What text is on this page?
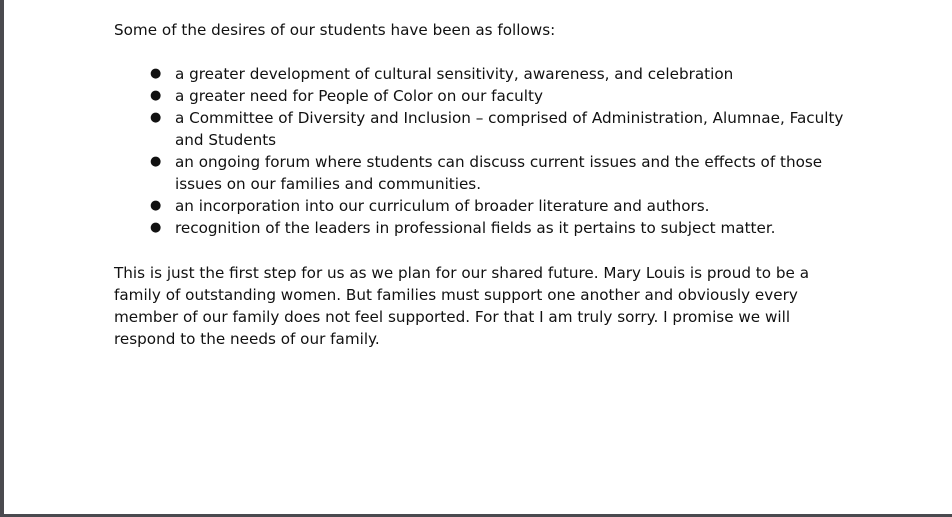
Some of the desires of our students have been as follows:

● a greater development of cultural sensitivity, awareness, and celebration
● a greater need for People of Color on our faculty
● a Committee of Diversity and Inclusion – comprised of Administration, Alumnae, Faculty and Students
● an ongoing forum where students can discuss current issues and the effects of those issues on our families and communities.
● an incorporation into our curriculum of broader literature and authors.
● recognition of the leaders in professional fields as it pertains to subject matter.

This is just the first step for us as we plan for our shared future. Mary Louis is proud to be a
family of outstanding women. But families must support one another and obviously every
member of our family does not feel supported. For that I am truly sorry. I promise we will
respond to the needs of our family.
